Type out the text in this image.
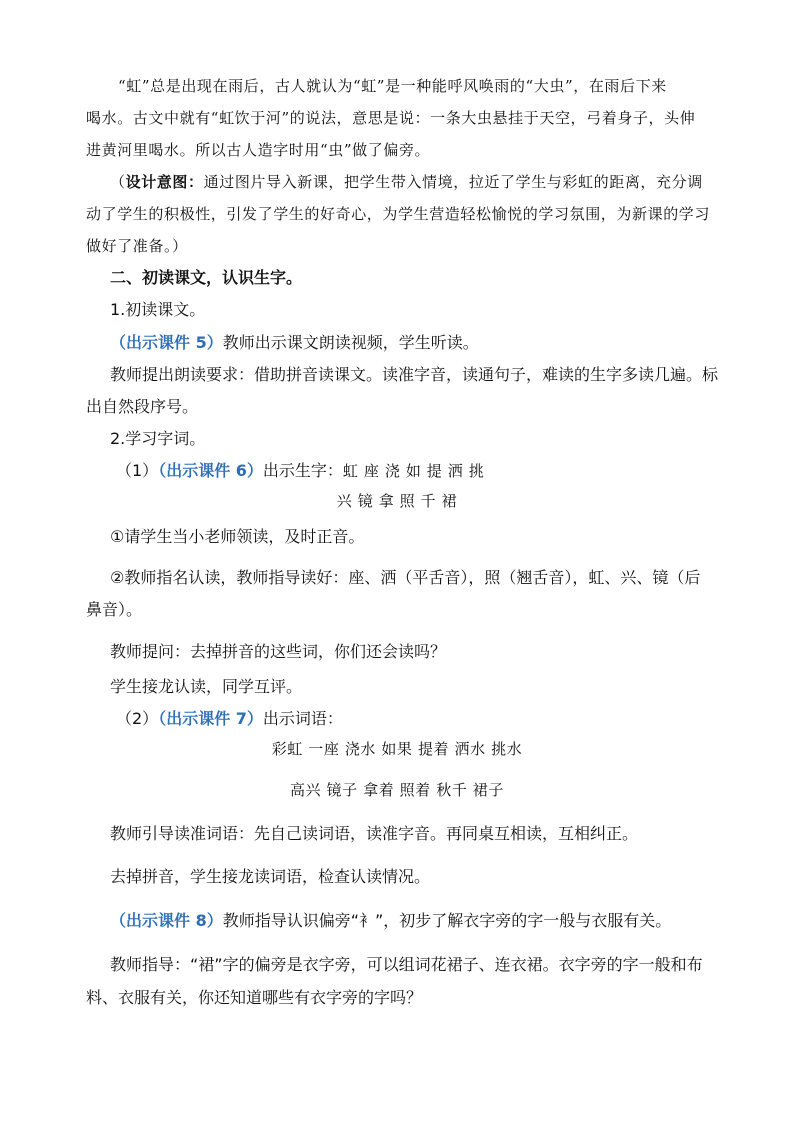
“虹”总是出现在雨后，古人就认为“虹”是一种能呼风唤雨的“大虫”，在雨后下来
喝水。古文中就有“虹饮于河”的说法，意思是说：一条大虫悬挂于天空，弓着身子，头伸
进黄河里喝水。所以古人造字时用“虫”做了偏旁。
（设计意图：通过图片导入新课，把学生带入情境，拉近了学生与彩虹的距离，充分调
动了学生的积极性，引发了学生的好奇心，为学生营造轻松愉悦的学习氛围，为新课的学习
做好了准备。）
二、初读课文，认识生字。
1.初读课文。
（出示课件 5）教师出示课文朗读视频，学生听读。
教师提出朗读要求：借助拼音读课文。读准字音，读通句子，难读的生字多读几遍。标
出自然段序号。
2.学习字词。
（1）（出示课件 6）出示生字：虹 座 浇 如 提 洒 挑
兴 镜 拿 照 千 裙
①请学生当小老师领读，及时正音。
②教师指名认读，教师指导读好：座、洒（平舌音），照（翘舌音），虹、兴、镜（后
鼻音）。
教师提问：去掉拼音的这些词，你们还会读吗？
学生接龙认读，同学互评。
（2）（出示课件 7）出示词语：
彩虹 一座 浇水 如果 提着 洒水 挑水
高兴 镜子 拿着 照着 秋千 裙子
教师引导读准词语：先自己读词语，读准字音。再同桌互相读，互相纠正。
去掉拼音，学生接龙读词语，检查认读情况。
（出示课件 8）教师指导认识偏旁“衤”，初步了解衣字旁的字一般与衣服有关。
教师指导：“裙”字的偏旁是衣字旁，可以组词花裙子、连衣裙。衣字旁的字一般和布
料、衣服有关，你还知道哪些有衣字旁的字吗？
